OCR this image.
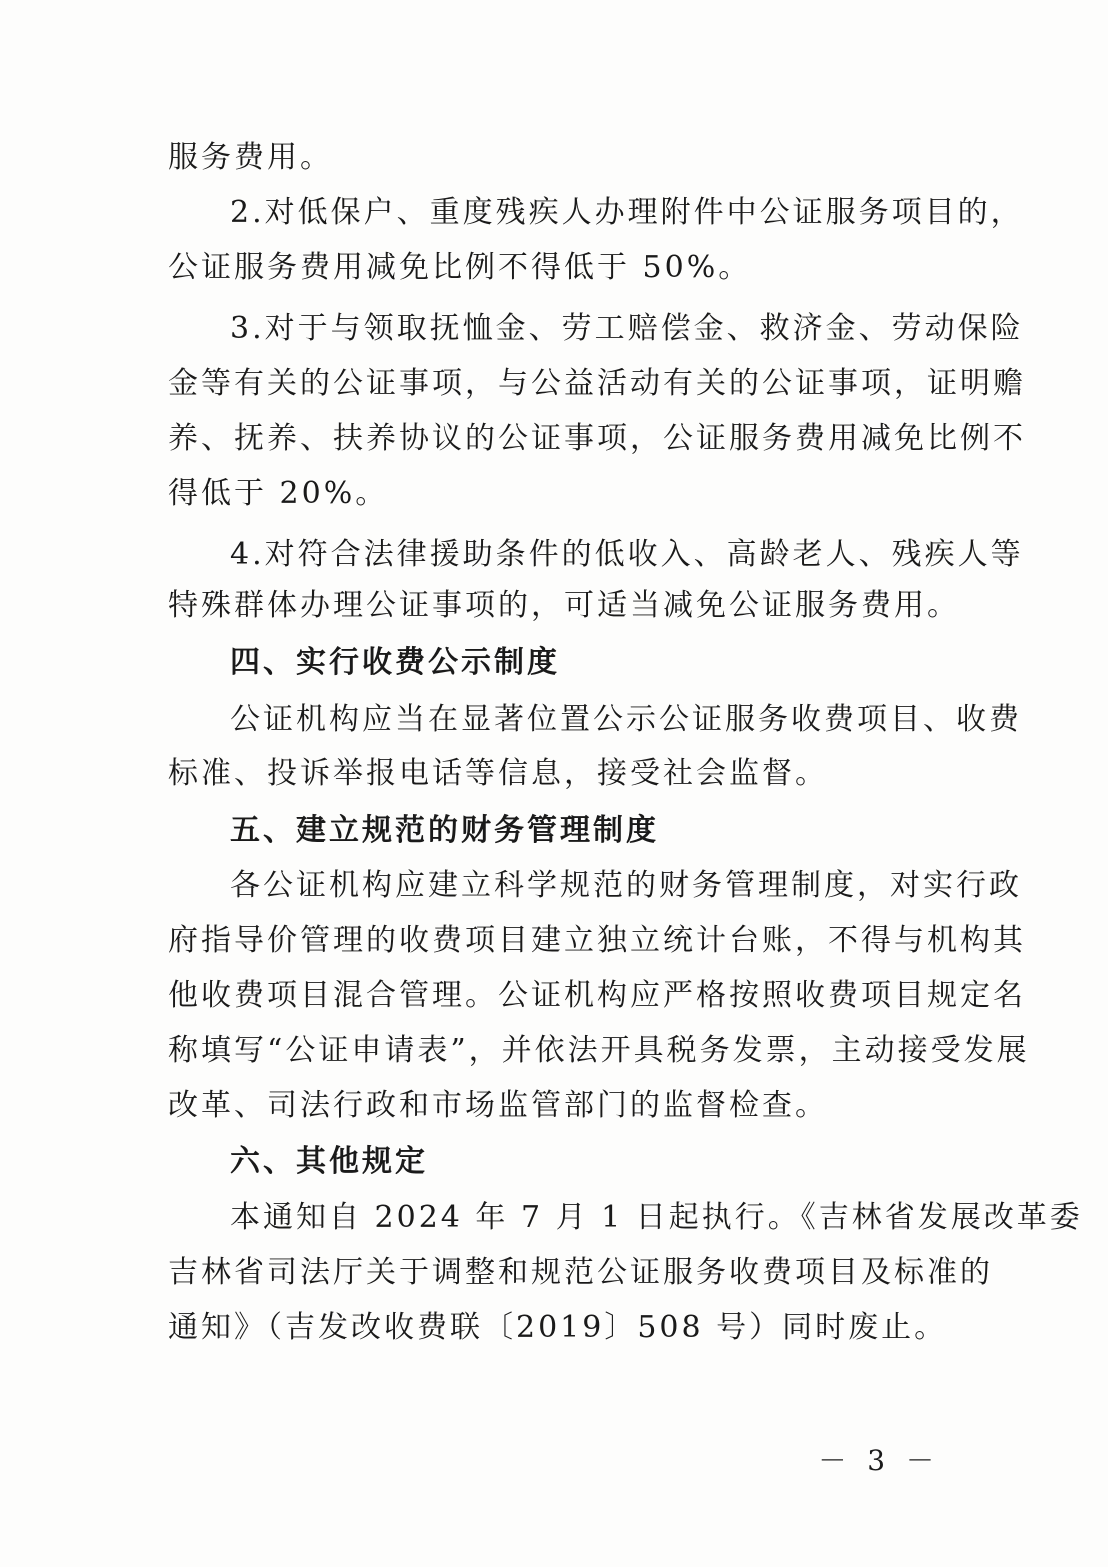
服务费用。
2.对低保户、重度残疾人办理附件中公证服务项目的，
公证服务费用减免比例不得低于 50%。
3.对于与领取抚恤金、劳工赔偿金、救济金、劳动保险
金等有关的公证事项，与公益活动有关的公证事项，证明赡
养、抚养、扶养协议的公证事项，公证服务费用减免比例不
得低于 20%。
4.对符合法律援助条件的低收入、高龄老人、残疾人等
特殊群体办理公证事项的，可适当减免公证服务费用。
四、实行收费公示制度
公证机构应当在显著位置公示公证服务收费项目、收费
标准、投诉举报电话等信息，接受社会监督。
五、建立规范的财务管理制度
各公证机构应建立科学规范的财务管理制度，对实行政
府指导价管理的收费项目建立独立统计台账，不得与机构其
他收费项目混合管理。公证机构应严格按照收费项目规定名
称填写“公证申请表”，并依法开具税务发票，主动接受发展
改革、司法行政和市场监管部门的监督检查。
六、其他规定
本通知自 2024 年 7 月 1 日起执行。《吉林省发展改革委
吉林省司法厅关于调整和规范公证服务收费项目及标准的
通知》（吉发改收费联〔2019〕508 号）同时废止。
－ 3 －
